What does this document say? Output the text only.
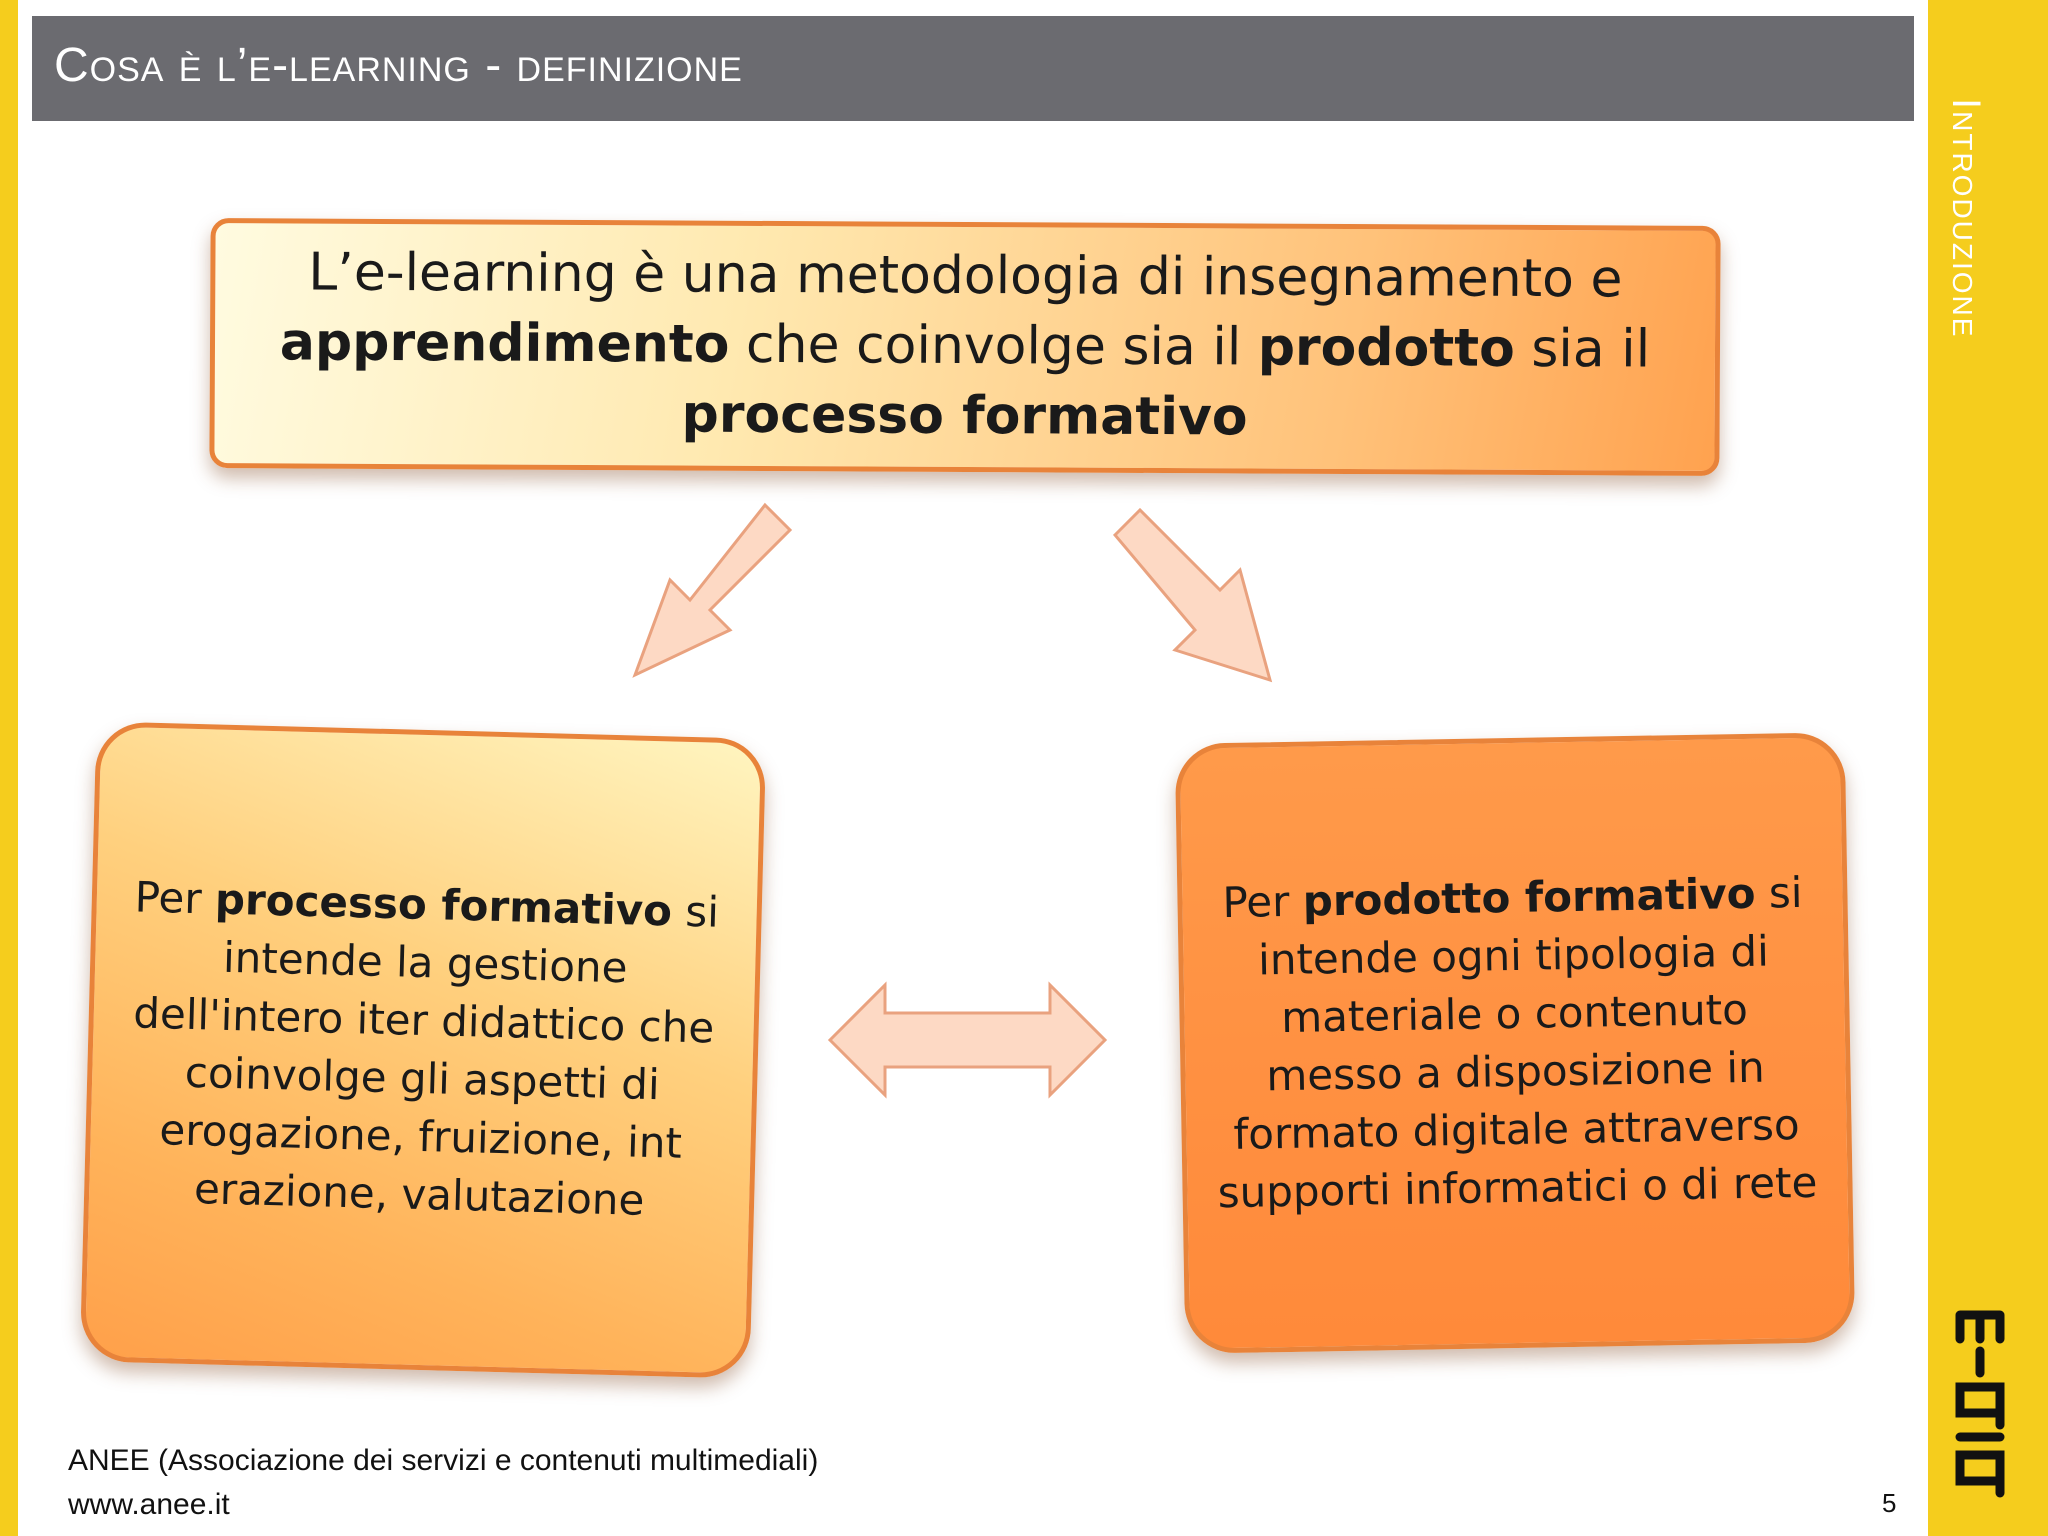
Cosa è l’e-learning - definizione
Introduzione
L’e-learning è una metodologia di insegnamento e
apprendimento che coinvolge sia il prodotto sia il
processo formativo
Per processo formativo si intende la gestione dell'intero iter didattico che coinvolge gli aspetti di erogazione, fruizione, int erazione, valutazione
Per prodotto formativo si intende ogni tipologia di materiale o contenuto messo a disposizione in formato digitale attraverso supporti informatici o di rete
ANEE (Associazione dei servizi e contenuti multimediali)
www.anee.it	5
